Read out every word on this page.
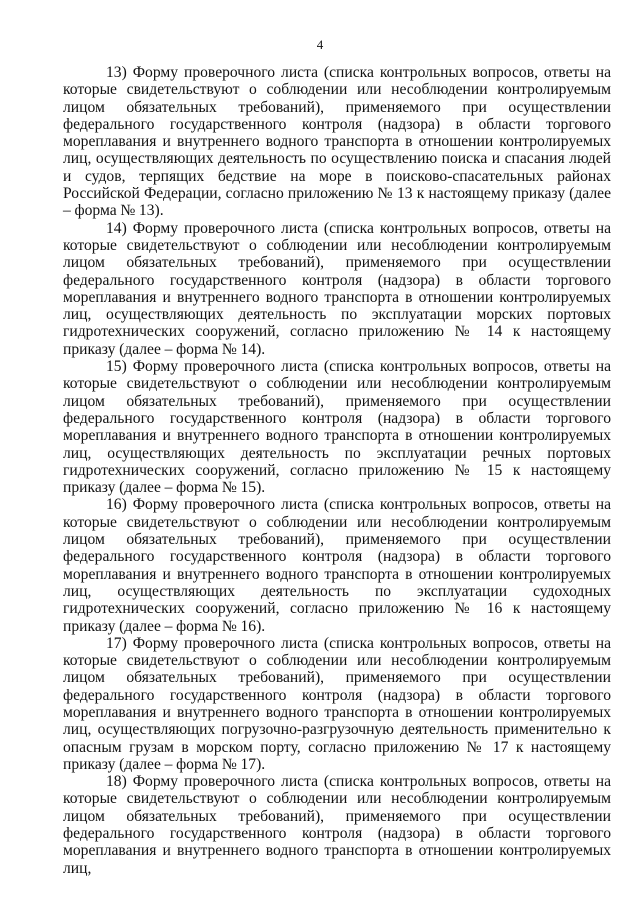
4

13) Форму проверочного листа (списка контрольных вопросов, ответы на которые свидетельствуют о соблюдении или несоблюдении контролируемым лицом обязательных требований), применяемого при осуществлении федерального государственного контроля (надзора) в области торгового мореплавания и внутреннего водного транспорта в отношении контролируемых лиц, осуществляющих деятельность по осуществлению поиска и спасания людей и судов, терпящих бедствие на море в поисково-спасательных районах Российской Федерации, согласно приложению № 13 к настоящему приказу (далее – форма № 13).

14) Форму проверочного листа (списка контрольных вопросов, ответы на которые свидетельствуют о соблюдении или несоблюдении контролируемым лицом обязательных требований), применяемого при осуществлении федерального государственного контроля (надзора) в области торгового мореплавания и внутреннего водного транспорта в отношении контролируемых лиц, осуществляющих деятельность по эксплуатации морских портовых гидротехнических сооружений, согласно приложению № 14 к настоящему приказу (далее – форма № 14).

15) Форму проверочного листа (списка контрольных вопросов, ответы на которые свидетельствуют о соблюдении или несоблюдении контролируемым лицом обязательных требований), применяемого при осуществлении федерального государственного контроля (надзора) в области торгового мореплавания и внутреннего водного транспорта в отношении контролируемых лиц, осуществляющих деятельность по эксплуатации речных портовых гидротехнических сооружений, согласно приложению № 15 к настоящему приказу (далее – форма № 15).

16) Форму проверочного листа (списка контрольных вопросов, ответы на которые свидетельствуют о соблюдении или несоблюдении контролируемым лицом обязательных требований), применяемого при осуществлении федерального государственного контроля (надзора) в области торгового мореплавания и внутреннего водного транспорта в отношении контролируемых лиц, осуществляющих деятельность по эксплуатации судоходных гидротехнических сооружений, согласно приложению № 16 к настоящему приказу (далее – форма № 16).

17) Форму проверочного листа (списка контрольных вопросов, ответы на которые свидетельствуют о соблюдении или несоблюдении контролируемым лицом обязательных требований), применяемого при осуществлении федерального государственного контроля (надзора) в области торгового мореплавания и внутреннего водного транспорта в отношении контролируемых лиц, осуществляющих погрузочно-разгрузочную деятельность применительно к опасным грузам в морском порту, согласно приложению № 17 к настоящему приказу (далее – форма № 17).

18) Форму проверочного листа (списка контрольных вопросов, ответы на которые свидетельствуют о соблюдении или несоблюдении контролируемым лицом обязательных требований), применяемого при осуществлении федерального государственного контроля (надзора) в области торгового мореплавания и внутреннего водного транспорта в отношении контролируемых лиц,
